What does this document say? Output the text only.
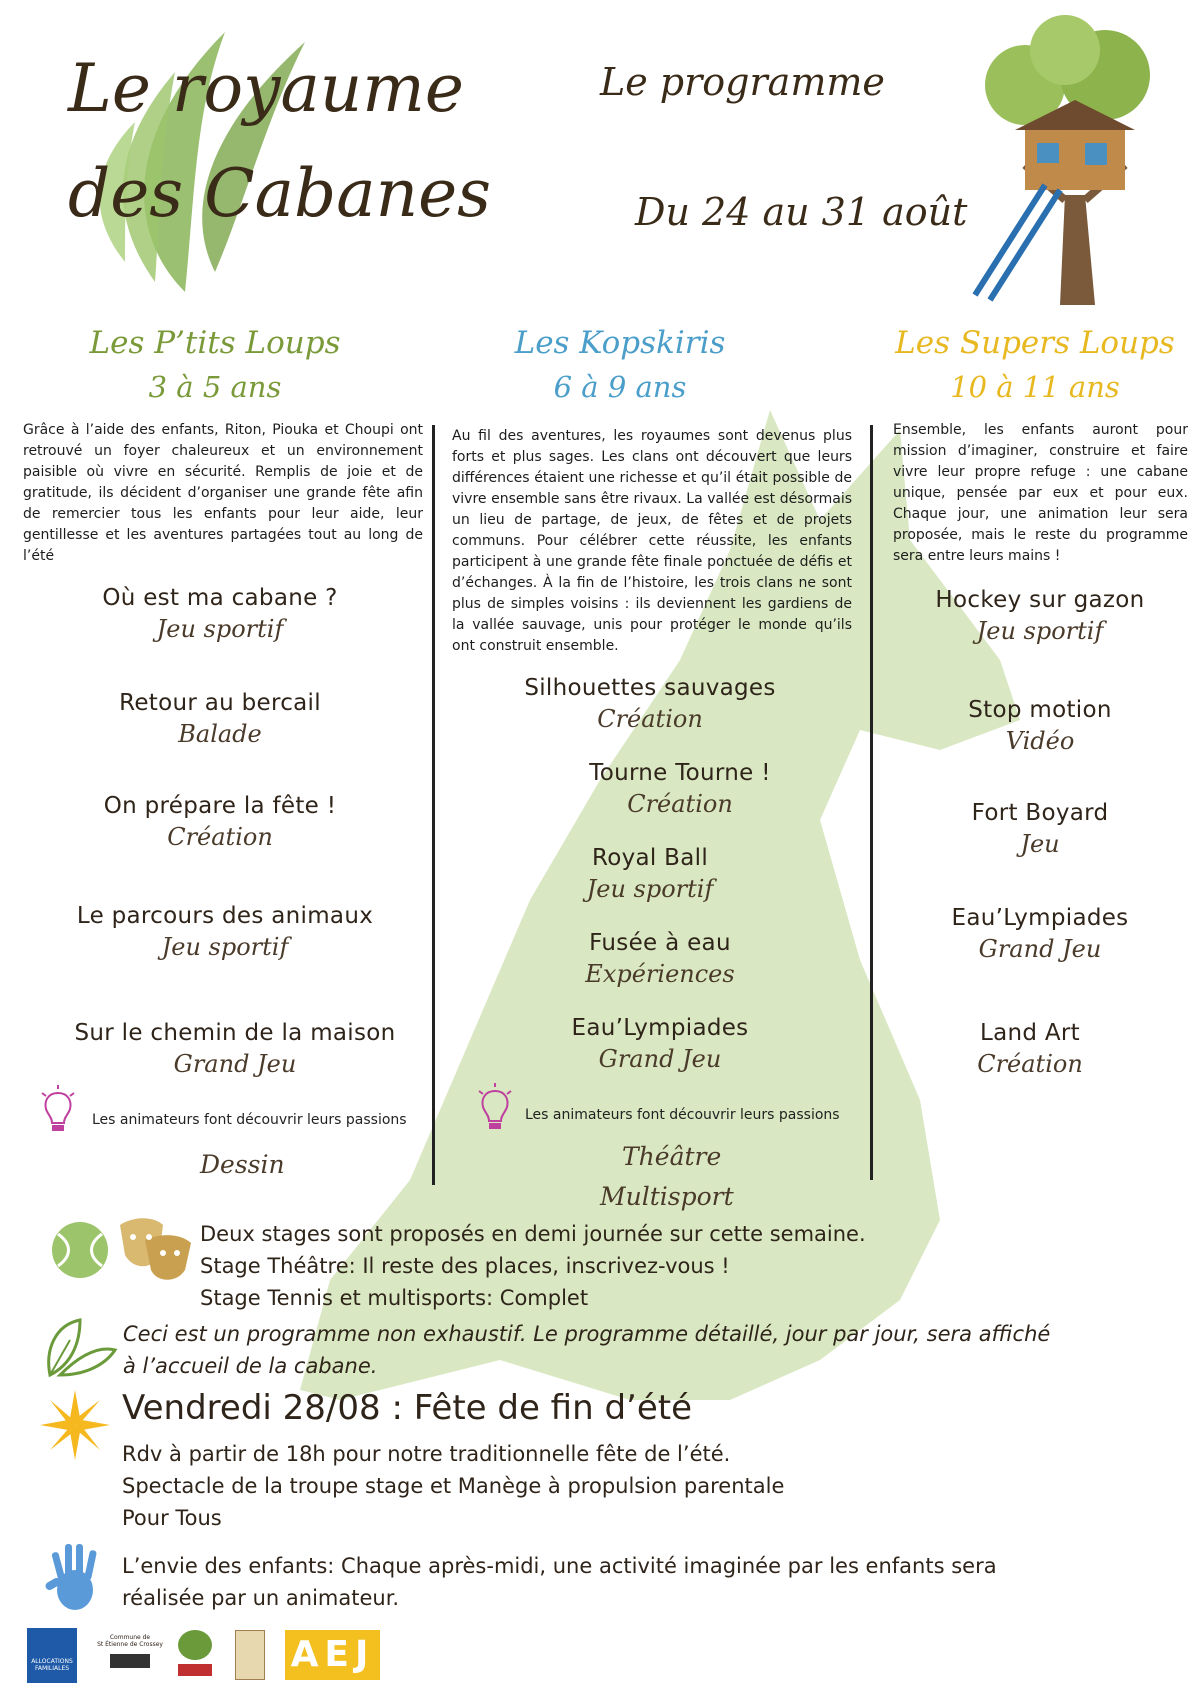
Le royaume
des Cabanes
Le programme
Du 24 au 31 août
Les P’tits Loups
3 à 5 ans
Grâce à l’aide des enfants, Riton, Piouka et Choupi ont retrouvé un foyer chaleureux et un environnement paisible où vivre en sécurité. Remplis de joie et de gratitude, ils décident d’organiser une grande fête afin de remercier tous les enfants pour leur aide, leur gentillesse et les aventures partagées tout au long de l’été
Où est ma cabane ?
Jeu sportif
Retour au bercail
Balade
On prépare la fête !
Création
Le parcours des animaux
Jeu sportif
Sur le chemin de la maison
Grand Jeu
Les animateurs font découvrir leurs passions
Dessin
Les Kopskiris
6 à 9 ans
Au fil des aventures, les royaumes sont devenus plus forts et plus sages. Les clans ont découvert que leurs différences étaient une richesse et qu’il était possible de vivre ensemble sans être rivaux. La vallée est désormais un lieu de partage, de jeux, de fêtes et de projets communs. Pour célébrer cette réussite, les enfants participent à une grande fête finale ponctuée de défis et d’échanges. À la fin de l’histoire, les trois clans ne sont plus de simples voisins : ils deviennent les gardiens de la vallée sauvage, unis pour protéger le monde qu’ils ont construit ensemble.
Silhouettes sauvages
Création
Tourne Tourne !
Création
Royal Ball
Jeu sportif
Fusée à eau
Expériences
Eau’Lympiades
Grand Jeu
Les animateurs font découvrir leurs passions
Théâtre
Multisport
Les Supers Loups
10 à 11 ans
Ensemble, les enfants auront pour mission d’imaginer, construire et faire vivre leur propre refuge : une cabane unique, pensée par eux et pour eux. Chaque jour, une animation leur sera proposée, mais le reste du programme sera entre leurs mains !
Hockey sur gazon
Jeu sportif
Stop motion
Vidéo
Fort Boyard
Jeu
Eau’Lympiades
Grand Jeu
Land Art
Création
Deux stages sont proposés en demi journée sur cette semaine.
Stage Théâtre: Il reste des places, inscrivez-vous !
Stage Tennis et multisports: Complet
Ceci est un programme non exhaustif. Le programme détaillé, jour par jour, sera affiché
à l’accueil de la cabane.
Vendredi 28/08 : Fête de fin d’été
Rdv à partir de 18h pour notre traditionnelle fête de l’été.
Spectacle de la troupe stage et Manège à propulsion parentale
Pour Tous
L’envie des enfants: Chaque après-midi, une activité imaginée par les enfants sera
réalisée par un animateur.
ALLOCATIONS
FAMILIALES
Commune de
St Étienne de Crossey	AEJ
